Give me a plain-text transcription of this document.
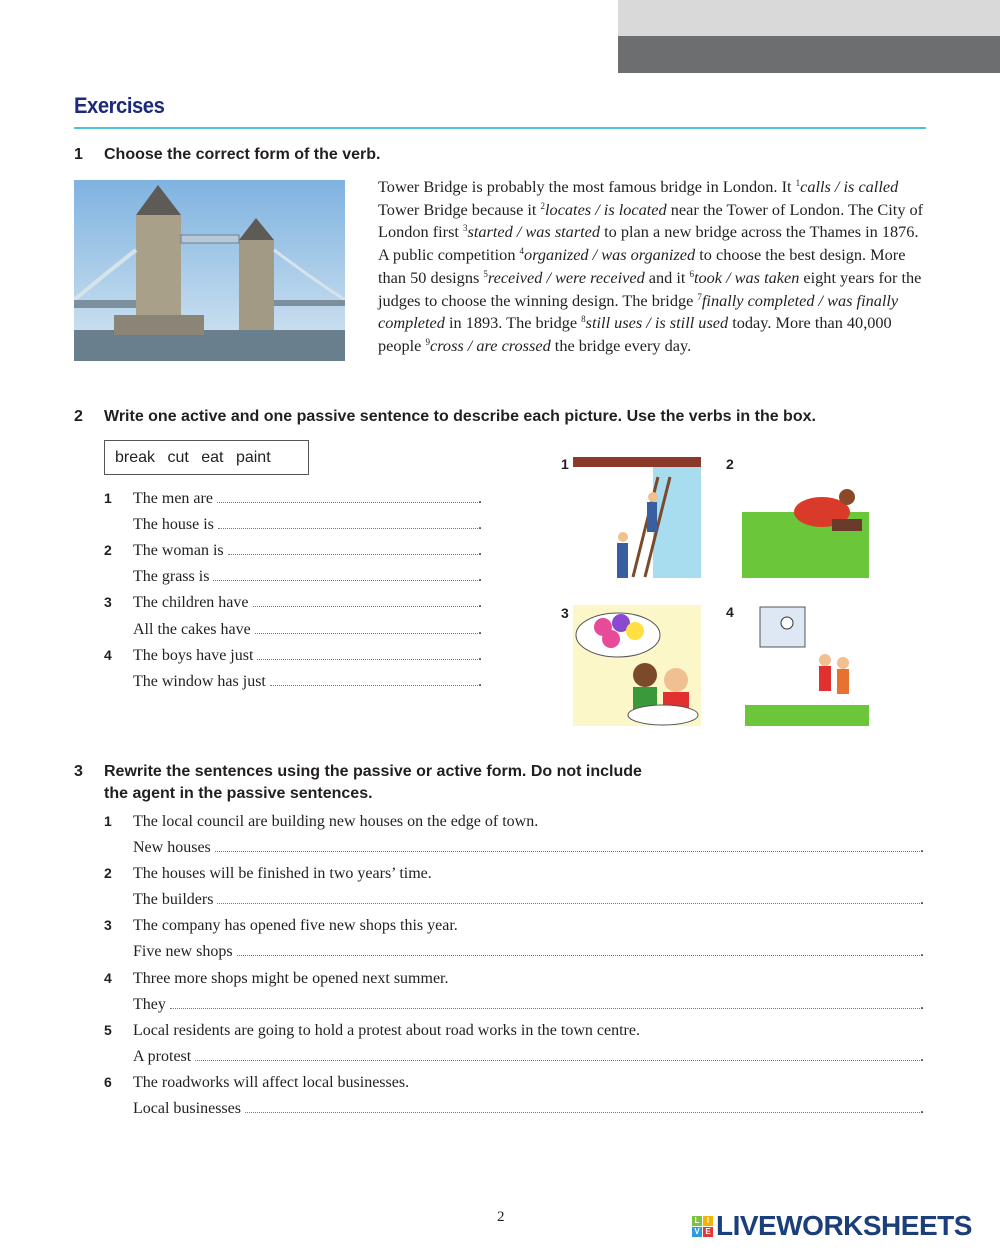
Exercises
1 Choose the correct form of the verb.
Tower Bridge is probably the most famous bridge in London. It $^1$calls / is called Tower Bridge because it $^2$locates / is located near the Tower of London. The City of London first $^3$started / was started to plan a new bridge across the Thames in 1876. A public competition $^4$organized / was organized to choose the best design. More than 50 designs $^5$received / were received and it $^6$took / was taken eight years for the judges to choose the winning design. The bridge $^7$finally completed / was finally completed in 1893. The bridge $^8$still uses / is still used today. More than 40,000 people $^9$cross / are crossed the bridge every day.
2 Write one active and one passive sentence to describe each picture. Use the verbs in the box.
break cut eat paint
1	The men are	.
The house is	.
2	The woman is	.
The grass is	.
3	The children have	.
All the cakes have	.
4	The boys have just	.
The window has just	.
1	2
3	4
3 Rewrite the sentences using the passive or active form. Do not include
the agent in the passive sentences.
1	The local council are building new houses on the edge of town.
New houses	.
2	The houses will be finished in two years’ time.
The builders	.
3	The company has opened five new shops this year.
Five new shops	.
4	Three more shops might be opened next summer.
They	.
5	Local residents are going to hold a protest about road works in the town centre.
A protest	.
6	The roadworks will affect local businesses.
Local businesses	.
2	L I
V E LIVEWORKSHEETS
